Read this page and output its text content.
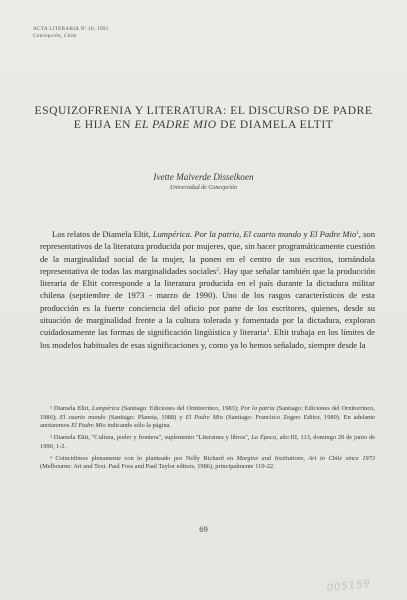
ACTA LITERARIA Nº 16, 1991
Concepción, Chile
ESQUIZOFRENIA Y LITERATURA: EL DISCURSO DE PADRE E HIJA EN EL PADRE MIO DE DIAMELA ELTIT
Ivette Malverde Disselkoen
Universidad de Concepción

Los relatos de Diamela Eltit, Lumpérica. Por la patria, El cuarto mundo y El Padre Mio$^1$, son representativos de la literatura producida por mujeres, que, sin hacer programáticamente cuestión de la marginalidad social de la mujer, la ponen en el centro de sus escritos, tornándola representativa de todas las marginalidades sociales$^2$. Hay que señalar también que la producción literaria de Eltit corresponde a la literatura producida en el país durante la dictadura militar chilena (septiembre de 1973 - marzo de 1990). Uno de los rasgos característicos de esta producción es la fuerte conciencia del oficio por parte de los escritores, quienes, desde su situación de marginalidad frente a la cultura tolerada y fomentada por la dictadura, exploran cuidadosamente las formas de significación lingüística y literaria$^3$. Eltit trabaja en los límites de los modelos habituales de esas significaciones y, como ya lo hemos señalado, siempre desde la

¹ Diamela Eltit, Lumpérica (Santiago: Ediciones del Ornitorrinco, 1983); Por la patria (Santiago: Ediciones del Ornitorrinco, 1986); El cuarto mundo (Santiago: Planeta, 1988) y El Padre Mio (Santiago: Francisco Zegers Editor, 1989). En adelante anotaremos El Padre Mio indicando sólo la página.

² Diamela Eltit, "Cultura, poder y frontera", suplemento "Literatura y libros", La Época, año III, 113, domingo 20 de junio de 1990, 1-2.

³ Coincidimos plenamente con lo planteado por Nelly Richard en Margins and Institutions, Art in Chile since 1973 (Melbourne: Art and Text. Paul Foss and Paul Taylor editors, 1986), principalmente 119-22.

69
005159
